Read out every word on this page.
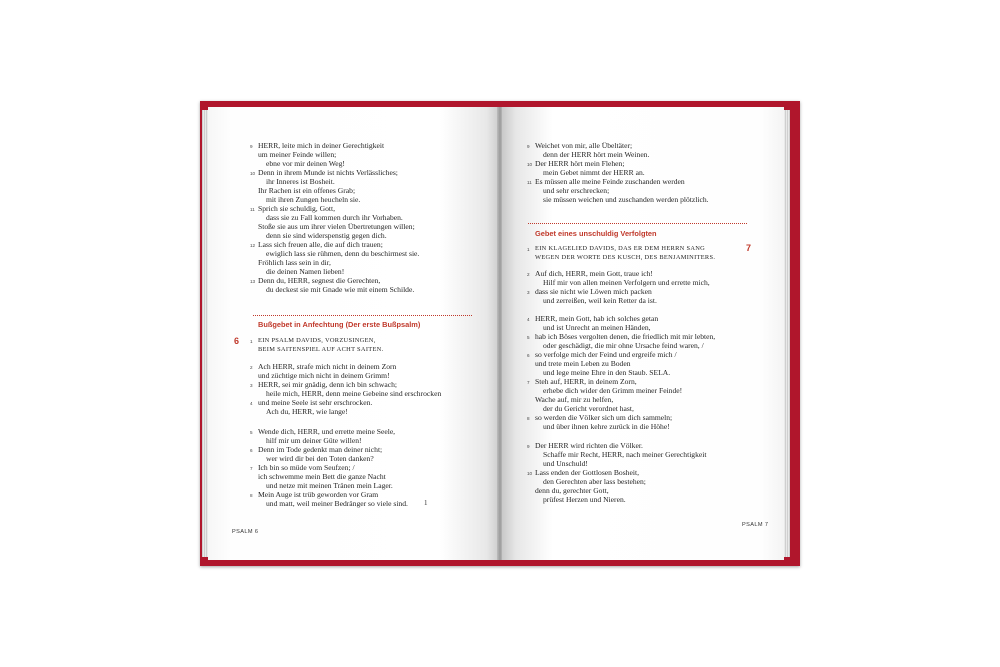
9 HERR, leite mich in deiner Gerechtigkeit
um meiner Feinde willen;
ebne vor mir deinen Weg!
10 Denn in ihrem Munde ist nichts Verlässliches;
ihr Inneres ist Bosheit.
Ihr Rachen ist ein offenes Grab;
mit ihren Zungen heucheln sie.
11 Sprich sie schuldig, Gott,
dass sie zu Fall kommen durch ihr Vorhaben.
Stoße sie aus um ihrer vielen Übertretungen willen;
denn sie sind widerspenstig gegen dich.
12 Lass sich freuen alle, die auf dich trauen;
ewiglich lass sie rühmen, denn du beschirmest sie.
Fröhlich lass sein in dir,
die deinen Namen lieben!
13 Denn du, HERR, segnest die Gerechten,
du deckest sie mit Gnade wie mit einem Schilde.
Bußgebet in Anfechtung (Der erste Bußpsalm)
6 1 EIN PSALM DAVIDS, VORZUSINGEN,
BEIM SAITENSPIEL AUF ACHT SAITEN.
2 Ach HERR, strafe mich nicht in deinem Zorn
und züchtige mich nicht in deinem Grimm!
3 HERR, sei mir gnädig, denn ich bin schwach;
heile mich, HERR, denn meine Gebeine sind erschrocken
4 und meine Seele ist sehr erschrocken.
Ach du, HERR, wie lange!
5 Wende dich, HERR, und errette meine Seele,
hilf mir um deiner Güte willen!
6 Denn im Tode gedenkt man deiner nicht;
wer wird dir bei den Toten danken?
7 Ich bin so müde vom Seufzen; /
ich schwemme mein Bett die ganze Nacht
und netze mit meinen Tränen mein Lager.
8 Mein Auge ist trüb geworden vor Gram
und matt, weil meiner Bedränger so viele sind. 1
PSALM 6
9 Weichet von mir, alle Übeltäter;
denn der HERR hört mein Weinen.
10 Der HERR hört mein Flehen;
mein Gebet nimmt der HERR an.
11 Es müssen alle meine Feinde zuschanden werden
und sehr erschrecken;
sie müssen weichen und zuschanden werden plötzlich.
Gebet eines unschuldig Verfolgten
7
1 EIN KLAGELIED DAVIDS, DAS ER DEM HERRN SANG
WEGEN DER WORTE DES KUSCH, DES BENJAMINITERS.
2 Auf dich, HERR, mein Gott, traue ich!
Hilf mir von allen meinen Verfolgern und errette mich,
3 dass sie nicht wie Löwen mich packen
und zerreißen, weil kein Retter da ist.
4 HERR, mein Gott, hab ich solches getan
und ist Unrecht an meinen Händen,
5 hab ich Böses vergolten denen, die friedlich mit mir lebten,
oder geschädigt, die mir ohne Ursache feind waren, /
6 so verfolge mich der Feind und ergreife mich /
und trete mein Leben zu Boden
und lege meine Ehre in den Staub. SELA.
7 Steh auf, HERR, in deinem Zorn,
erhebe dich wider den Grimm meiner Feinde!
Wache auf, mir zu helfen,
der du Gericht verordnet hast,
8 so werden die Völker sich um dich sammeln;
und über ihnen kehre zurück in die Höhe!
9 Der HERR wird richten die Völker.
Schaffe mir Recht, HERR, nach meiner Gerechtigkeit
und Unschuld!
10 Lass enden der Gottlosen Bosheit,
den Gerechten aber lass bestehen;
denn du, gerechter Gott,
prüfest Herzen und Nieren.
PSALM 7
